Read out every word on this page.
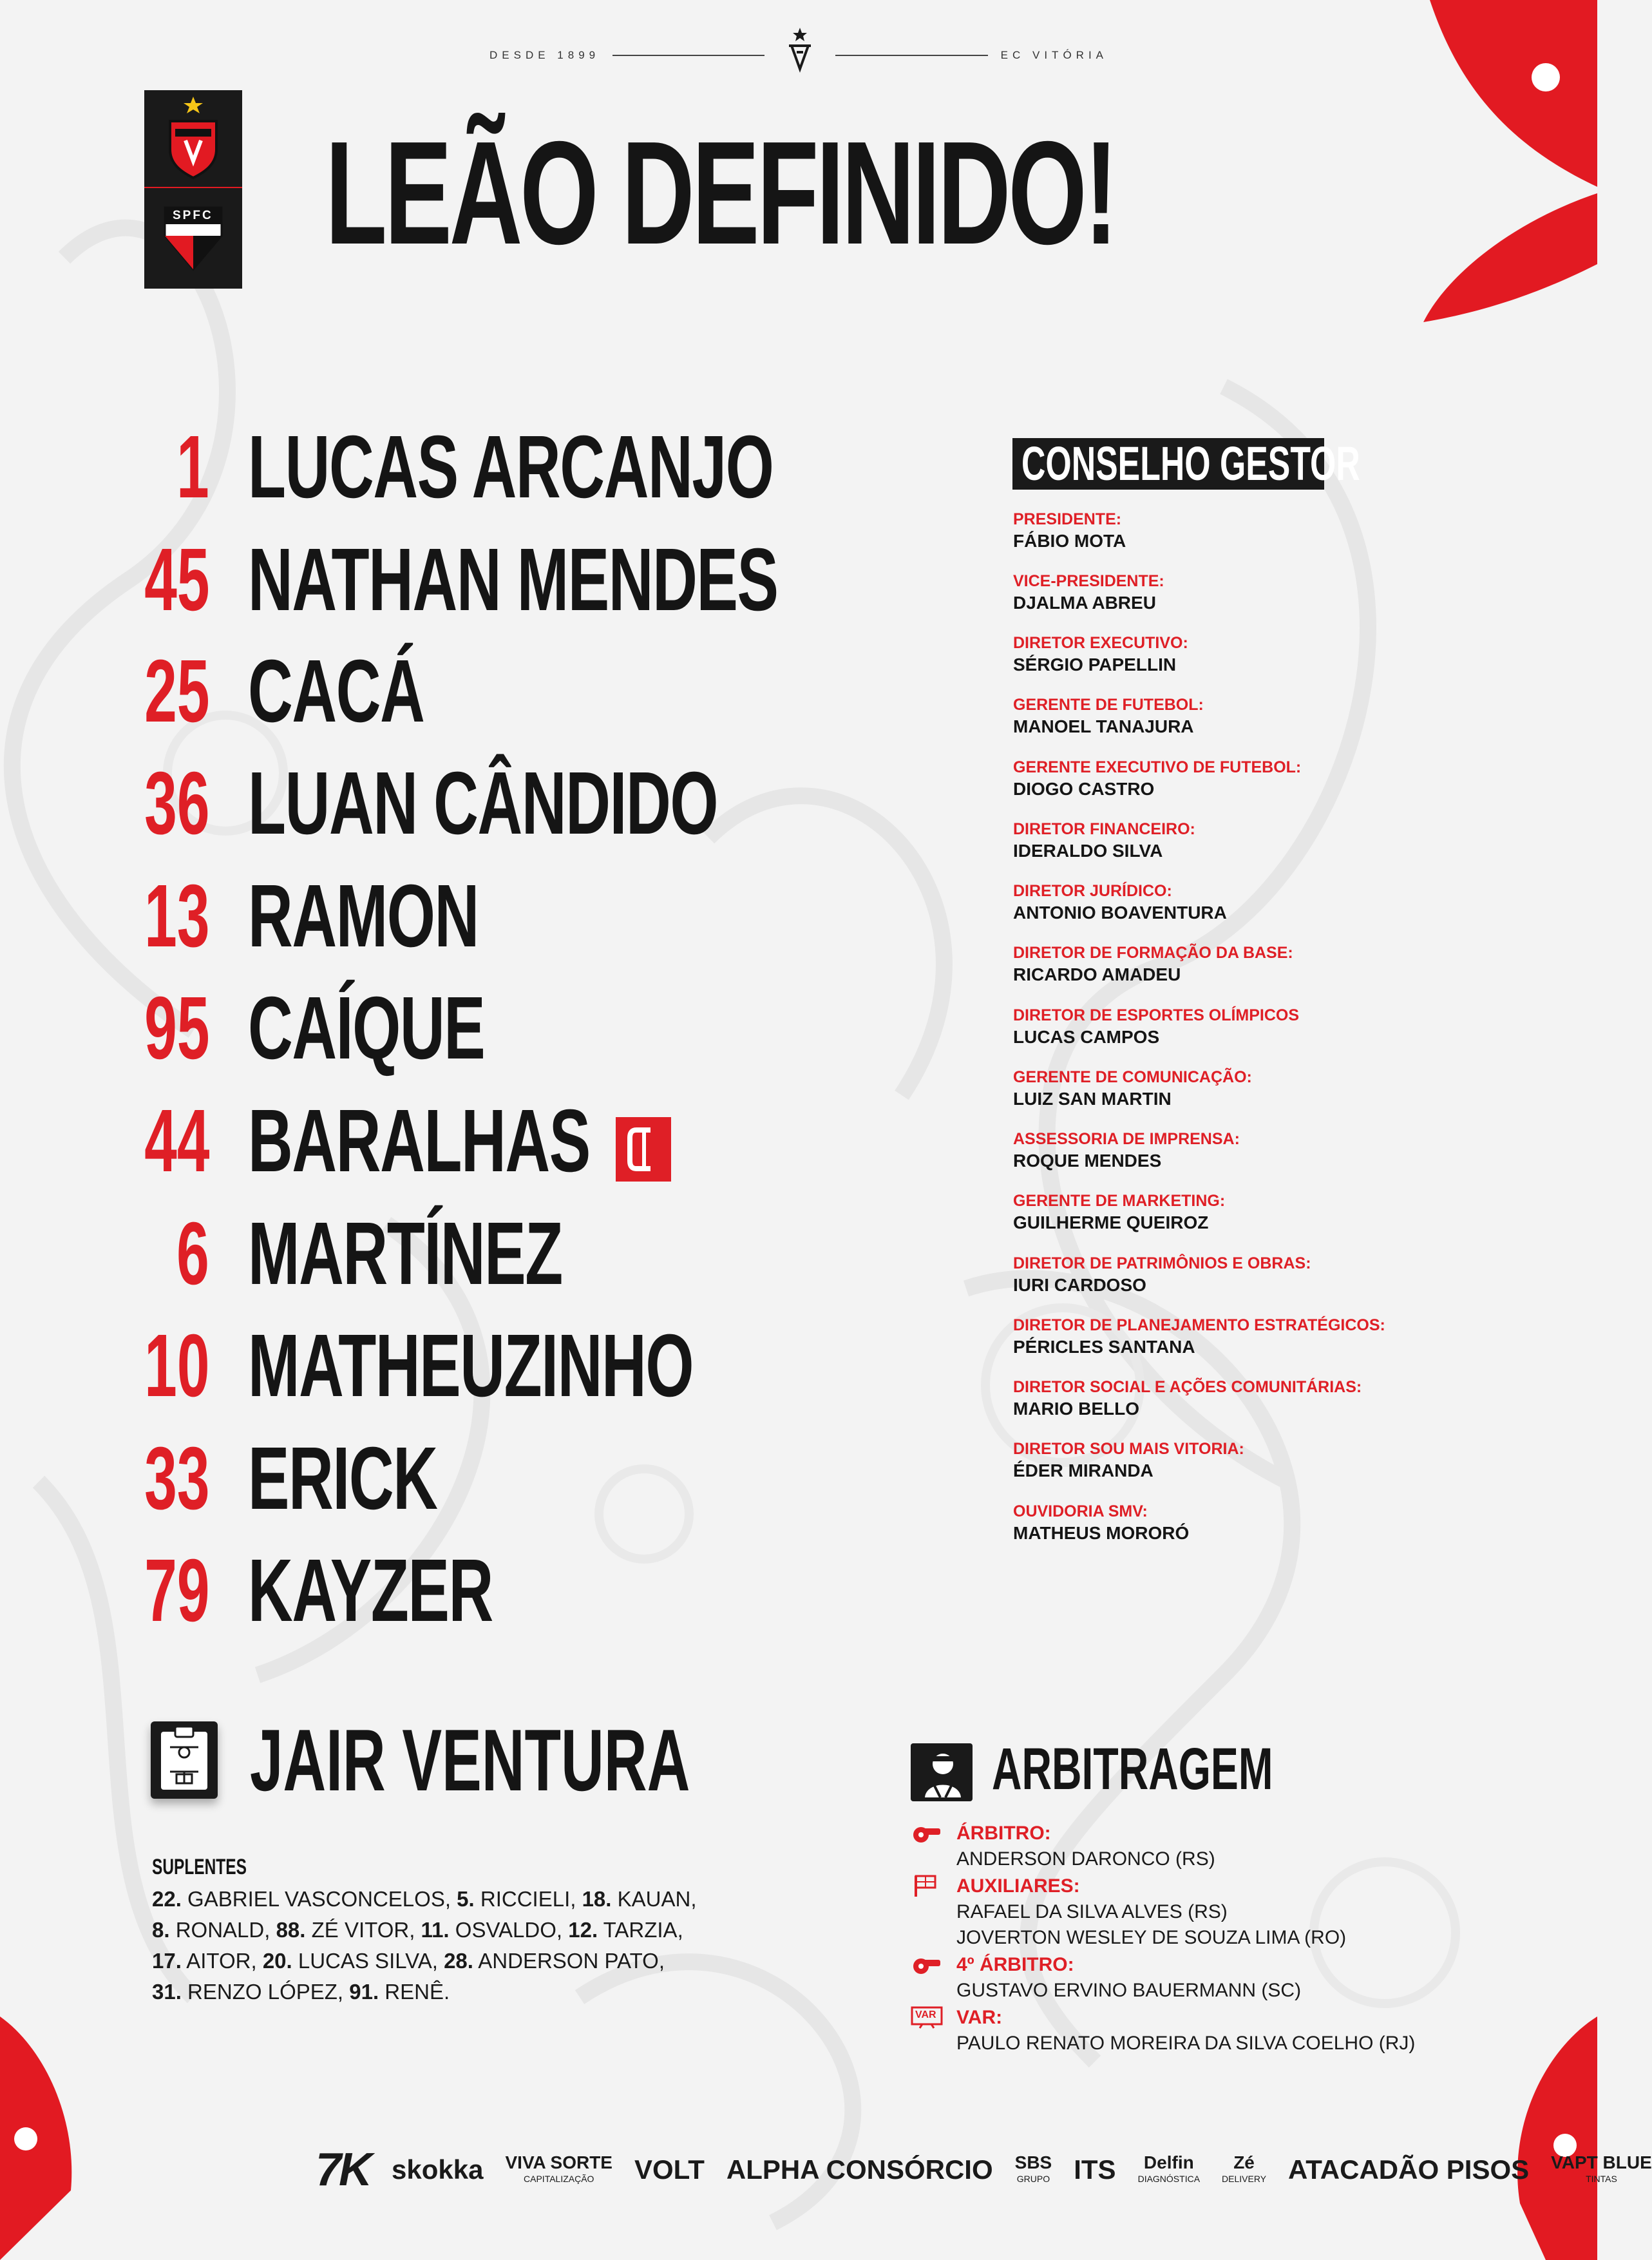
DESDE 1899	EC VITÓRIA
SPFC LEÃO DEFINIDO!
1 LUCAS ARCANJO
45 NATHAN MENDES
25 CACÁ
36 LUAN CÂNDIDO
13 RAMON
95 CAÍQUE
44 BARALHAS
6 MARTÍNEZ
10 MATHEUZINHO
33 ERICK
79 KAYZER
CONSELHO GESTOR
PRESIDENTE:
FÁBIO MOTA
VICE-PRESIDENTE:
DJALMA ABREU
DIRETOR EXECUTIVO:
SÉRGIO PAPELLIN
GERENTE DE FUTEBOL:
MANOEL TANAJURA
GERENTE EXECUTIVO DE FUTEBOL:
DIOGO CASTRO
DIRETOR FINANCEIRO:
IDERALDO SILVA
DIRETOR JURÍDICO:
ANTONIO BOAVENTURA
DIRETOR DE FORMAÇÃO DA BASE:
RICARDO AMADEU
DIRETOR DE ESPORTES OLÍMPICOS
LUCAS CAMPOS
GERENTE DE COMUNICAÇÃO:
LUIZ SAN MARTIN
ASSESSORIA DE IMPRENSA:
ROQUE MENDES
GERENTE DE MARKETING:
GUILHERME QUEIROZ
DIRETOR DE PATRIMÔNIOS E OBRAS:
IURI CARDOSO
DIRETOR DE PLANEJAMENTO ESTRATÉGICOS:
PÉRICLES SANTANA
DIRETOR SOCIAL E AÇÕES COMUNITÁRIAS:
MARIO BELLO
DIRETOR SOU MAIS VITORIA:
ÉDER MIRANDA
OUVIDORIA SMV:
MATHEUS MORORÓ
JAIR VENTURA
SUPLENTES
22. GABRIEL VASCONCELOS, 5. RICCIELI, 18. KAUAN,
8. RONALD, 88. ZÉ VITOR, 11. OSVALDO, 12. TARZIA,
17. AITOR, 20. LUCAS SILVA, 28. ANDERSON PATO,
31. RENZO LÓPEZ, 91. RENÊ.
ARBITRAGEM
ÁRBITRO:
ANDERSON DARONCO (RS)
AUXILIARES:
RAFAEL DA SILVA ALVES (RS)
JOVERTON WESLEY DE SOUZA LIMA (RO)
4º ÁRBITRO:
GUSTAVO ERVINO BAUERMANN (SC)
VAR VAR:
PAULO RENATO MOREIRA DA SILVA COELHO (RJ)
7K skokka VIVA SORTE
CAPITALIZAÇÃO	VOLT ALPHA CONSÓRCIO SBS
GRUPO ITS	Delfin
DIAGNÓSTICA
Zé
DELIVERY ATACADÃO PISOS VAPT BLUE
TINTAS
